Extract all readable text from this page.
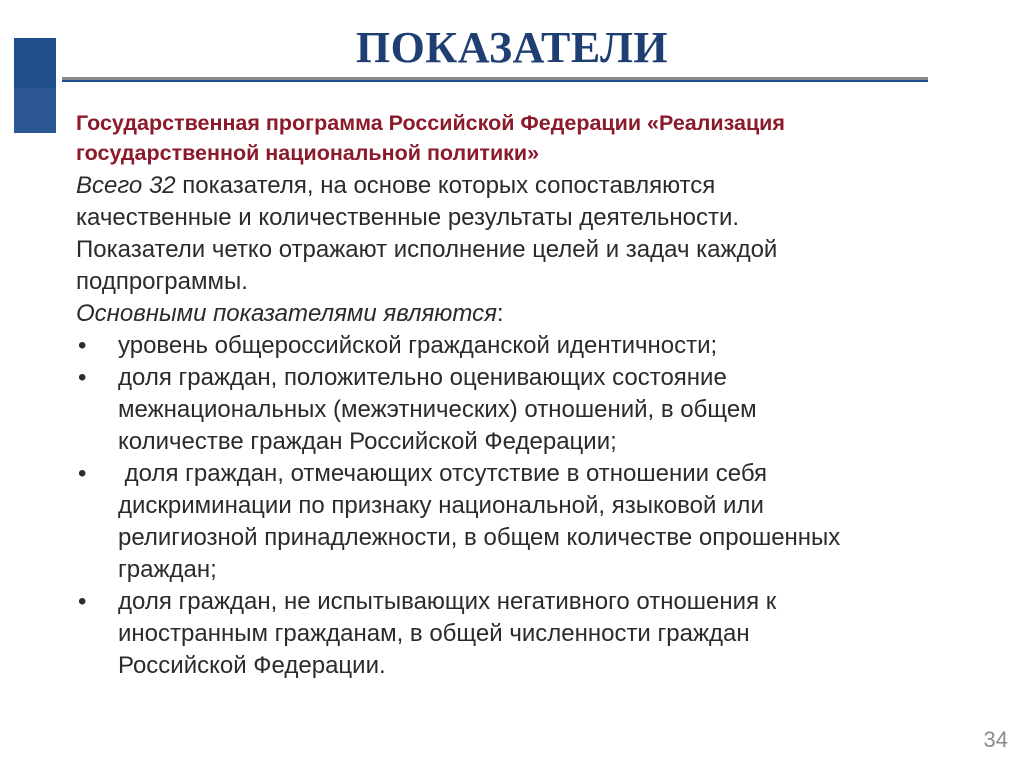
ПОКАЗАТЕЛИ
Государственная программа Российской Федерации «Реализация
государственной национальной политики»

Всего 32 показателя, на основе которых сопоставляются

качественные и количественные результаты деятельности.

Показатели четко отражают исполнение целей и задач каждой

подпрограммы.

Основными показателями являются:

• уровень общероссийской гражданской идентичности;
• доля граждан, положительно оценивающих состояние
межнациональных (межэтнических) отношений, в общем
количестве граждан Российской Федерации;
• доля граждан, отмечающих отсутствие в отношении себя
дискриминации по признаку национальной, языковой или
религиозной принадлежности, в общем количестве опрошенных
граждан;
• доля граждан, не испытывающих негативного отношения к
иностранным гражданам, в общей численности граждан
Российской Федерации.
34
